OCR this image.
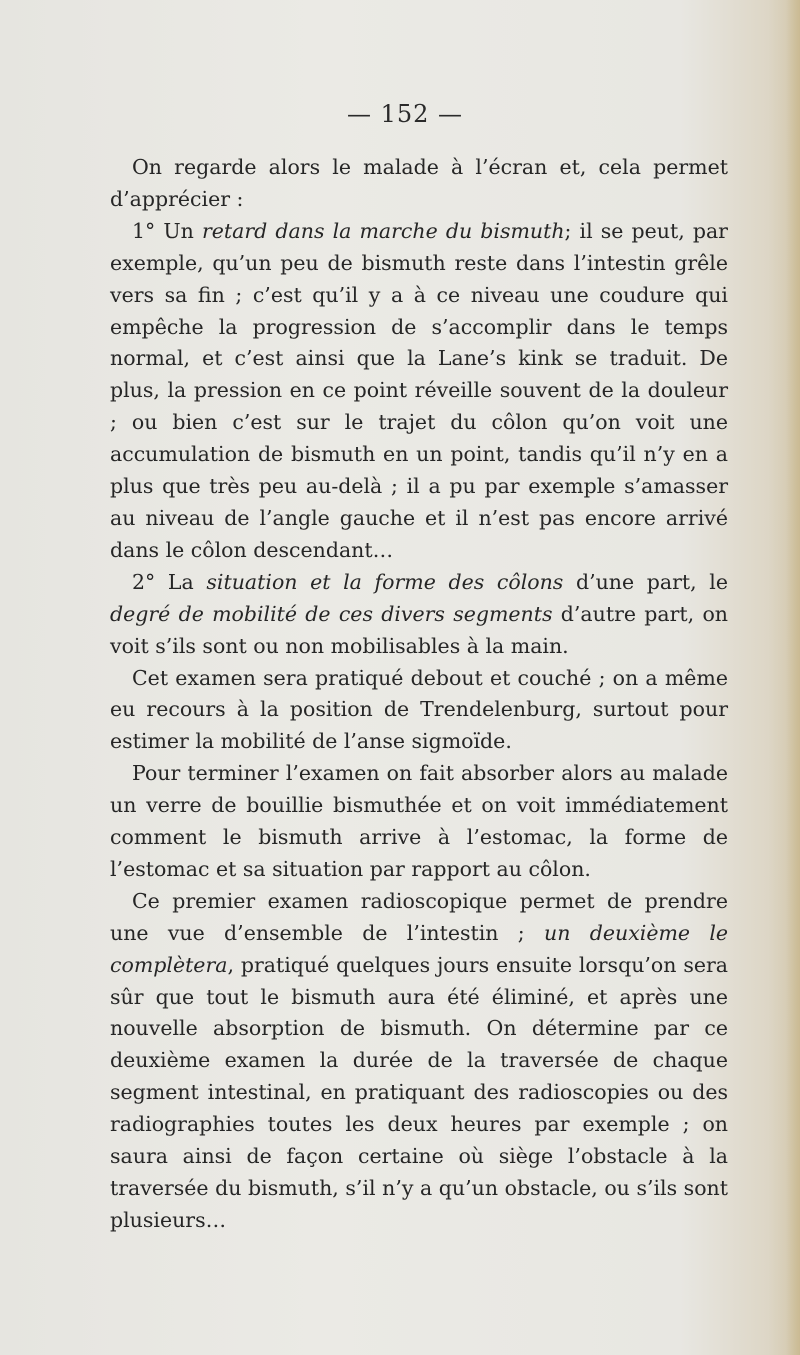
— 152 —

On regarde alors le malade à l’écran et, cela permet d’apprécier :

1° Un retard dans la marche du bismuth; il se peut, par exemple, qu’un peu de bismuth reste dans l’intestin grêle vers sa fin ; c’est qu’il y a à ce niveau une coudure qui empêche la progression de s’accomplir dans le temps normal, et c’est ainsi que la Lane’s kink se traduit. De plus, la pression en ce point réveille souvent de la douleur ; ou bien c’est sur le trajet du côlon qu’on voit une accumulation de bismuth en un point, tandis qu’il n’y en a plus que très peu au-delà ; il a pu par exemple s’amasser au niveau de l’angle gauche et il n’est pas encore arrivé dans le côlon descendant…

2° La situation et la forme des côlons d’une part, le degré de mobilité de ces divers segments d’autre part, on voit s’ils sont ou non mobilisables à la main.

Cet examen sera pratiqué debout et couché ; on a même eu recours à la position de Trendelenburg, surtout pour estimer la mobilité de l’anse sigmoïde.

Pour terminer l’examen on fait absorber alors au malade un verre de bouillie bismuthée et on voit immédiatement comment le bismuth arrive à l’estomac, la forme de l’estomac et sa situation par rapport au côlon.

Ce premier examen radioscopique permet de prendre une vue d’ensemble de l’intestin ; un deuxième le complètera, pratiqué quelques jours ensuite lorsqu’on sera sûr que tout le bismuth aura été éliminé, et après une nouvelle absorption de bismuth. On détermine par ce deuxième examen la durée de la traversée de chaque segment intestinal, en pratiquant des radioscopies ou des radiographies toutes les deux heures par exemple ; on saura ainsi de façon certaine où siège l’obstacle à la traversée du bismuth, s’il n’y a qu’un obstacle, ou s’ils sont plusieurs…
